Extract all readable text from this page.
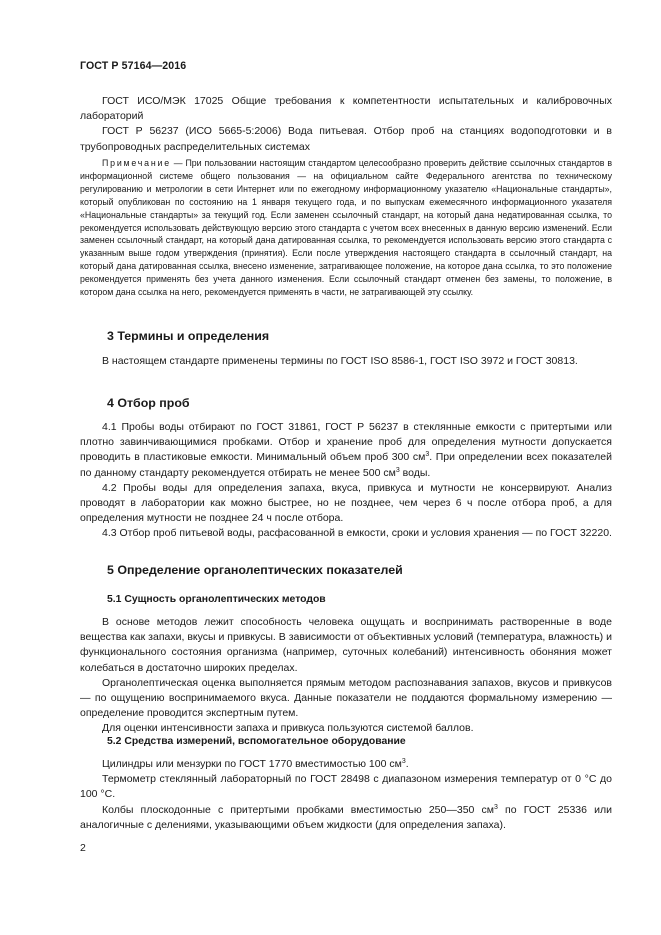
ГОСТ Р 57164—2016

ГОСТ ИСО/МЭК 17025 Общие требования к компетентности испытательных и калибровочных лабораторий

ГОСТ Р 56237 (ИСО 5665-5:2006) Вода питьевая. Отбор проб на станциях водоподготовки и в трубопроводных распределительных системах

Примечание — При пользовании настоящим стандартом целесообразно проверить действие ссылочных стандартов в информационной системе общего пользования — на официальном сайте Федерального агентства по техническому регулированию и метрологии в сети Интернет или по ежегодному информационному указателю «Национальные стандарты», который опубликован по состоянию на 1 января текущего года, и по выпускам ежемесячного информационного указателя «Национальные стандарты» за текущий год. Если заменен ссылочный стандарт, на который дана недатированная ссылка, то рекомендуется использовать действующую версию этого стандарта с учетом всех внесенных в данную версию изменений. Если заменен ссылочный стандарт, на который дана датированная ссылка, то рекомендуется использовать версию этого стандарта с указанным выше годом утверждения (принятия). Если после утверждения настоящего стандарта в ссылочный стандарт, на который дана датированная ссылка, внесено изменение, затрагивающее положение, на которое дана ссылка, то это положение рекомендуется применять без учета данного изменения. Если ссылочный стандарт отменен без замены, то положение, в котором дана ссылка на него, рекомендуется применять в части, не затрагивающей эту ссылку.

3 Термины и определения

В настоящем стандарте применены термины по ГОСТ ISO 8586-1, ГОСТ ISO 3972 и ГОСТ 30813.

4 Отбор проб

4.1 Пробы воды отбирают по ГОСТ 31861, ГОСТ Р 56237 в стеклянные емкости с притертыми или плотно завинчивающимися пробками. Отбор и хранение проб для определения мутности допускается проводить в пластиковые емкости. Минимальный объем проб 300 $см^3$. При определении всех показателей по данному стандарту рекомендуется отбирать не менее 500 $см^3$ воды.

4.2 Пробы воды для определения запаха, вкуса, привкуса и мутности не консервируют. Анализ проводят в лаборатории как можно быстрее, но не позднее, чем через 6 ч после отбора проб, а для определения мутности не позднее 24 ч после отбора.

4.3 Отбор проб питьевой воды, расфасованной в емкости, сроки и условия хранения — по ГОСТ 32220.

5 Определение органолептических показателей
5.1 Сущность органолептических методов

В основе методов лежит способность человека ощущать и воспринимать растворенные в воде вещества как запахи, вкусы и привкусы. В зависимости от объективных условий (температура, влажность) и функционального состояния организма (например, суточных колебаний) интенсивность обоняния может колебаться в достаточно широких пределах.

Органолептическая оценка выполняется прямым методом распознавания запахов, вкусов и привкусов — по ощущению воспринимаемого вкуса. Данные показатели не поддаются формальному измерению — определение проводится экспертным путем.

Для оценки интенсивности запаха и привкуса пользуются системой баллов.

5.2 Средства измерений, вспомогательное оборудование

Цилиндры или мензурки по ГОСТ 1770 вместимостью 100 $см^3$.

Термометр стеклянный лабораторный по ГОСТ 28498 с диапазоном измерения температур от 0 °С до 100 °С.

Колбы плоскодонные с притертыми пробками вместимостью 250—350 $см^3$ по ГОСТ 25336 или аналогичные с делениями, указывающими объем жидкости (для определения запаха).

2
